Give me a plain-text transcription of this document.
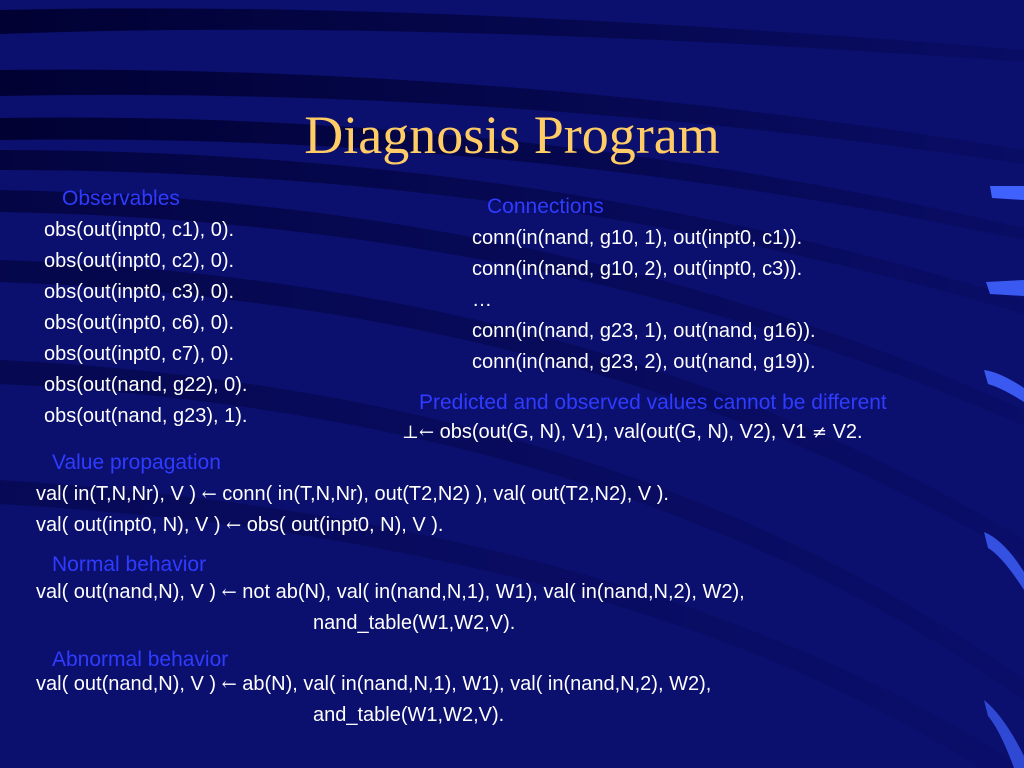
Diagnosis Program
Observables
obs(out(inpt0, c1), 0).
obs(out(inpt0, c2), 0).
obs(out(inpt0, c3), 0).
obs(out(inpt0, c6), 0).
obs(out(inpt0, c7), 0).
obs(out(nand, g22), 0).
obs(out(nand, g23), 1).
Connections
conn(in(nand, g10, 1), out(inpt0, c1)).
conn(in(nand, g10, 2), out(inpt0, c3)).
…
conn(in(nand, g23, 1), out(nand, g16)).
conn(in(nand, g23, 2), out(nand, g19)).
Predicted and observed values cannot be different
⊥← obs(out(G, N), V1), val(out(G, N), V2), V1 ≠ V2.
Value propagation
val( in(T,N,Nr), V ) ← conn( in(T,N,Nr), out(T2,N2) ), val( out(T2,N2), V ).
val( out(inpt0, N), V ) ← obs( out(inpt0, N), V ).
Normal behavior
val( out(nand,N), V ) ← not ab(N), val( in(nand,N,1), W1), val( in(nand,N,2), W2),
nand_table(W1,W2,V).
Abnormal behavior
val( out(nand,N), V ) ← ab(N), val( in(nand,N,1), W1), val( in(nand,N,2), W2),
and_table(W1,W2,V).
